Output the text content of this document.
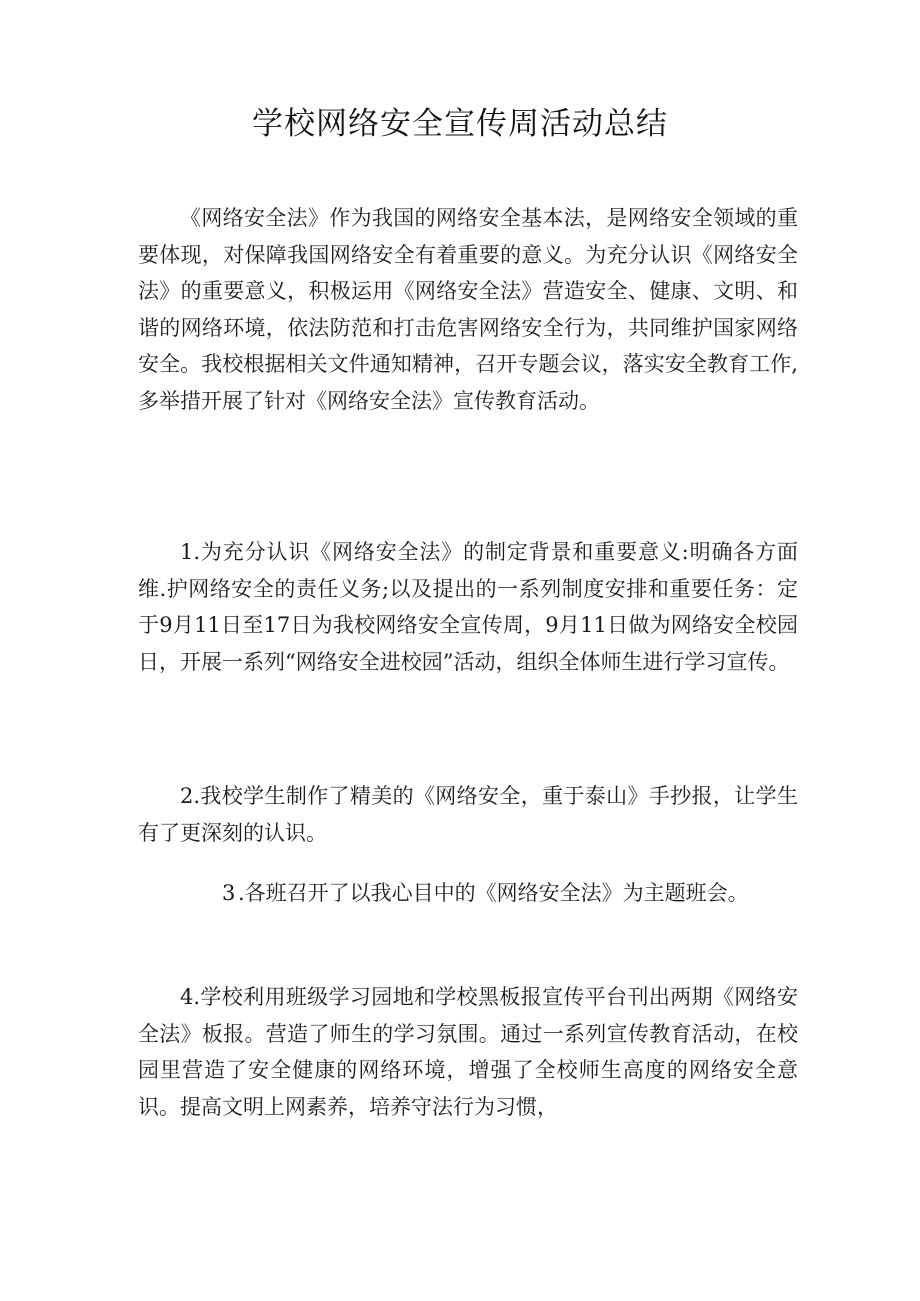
学校网络安全宣传周活动总结

《网络安全法》作为我国的网络安全基本法，是网络安全领域的重要体现，对保障我国网络安全有着重要的意义。为充分认识《网络安全法》的重要意义，积极运用《网络安全法》营造安全、健康、文明、和谐的网络环境，依法防范和打击危害网络安全行为，共同维护国家网络安全。我校根据相关文件通知精神，召开专题会议，落实安全教育工作,多举措开展了针对《网络安全法》宣传教育活动。

1.为充分认识《网络安全法》的制定背景和重要意义:明确各方面维.护网络安全的责任义务;以及提出的一系列制度安排和重要任务：定于9月11日至17日为我校网络安全宣传周，9月11日做为网络安全校园日，开展一系列“网络安全进校园”活动，组织全体师生进行学习宣传。

2.我校学生制作了精美的《网络安全，重于泰山》手抄报，让学生有了更深刻的认识。

3 .各班召开了以我心目中的《网络安全法》为主题班会。

4.学校利用班级学习园地和学校黑板报宣传平台刊出两期《网络安全法》板报。营造了师生的学习氛围。通过一系列宣传教育活动，在校园里营造了安全健康的网络环境，增强了全校师生高度的网络安全意识。提高文明上网素养，培养守法行为习惯，
